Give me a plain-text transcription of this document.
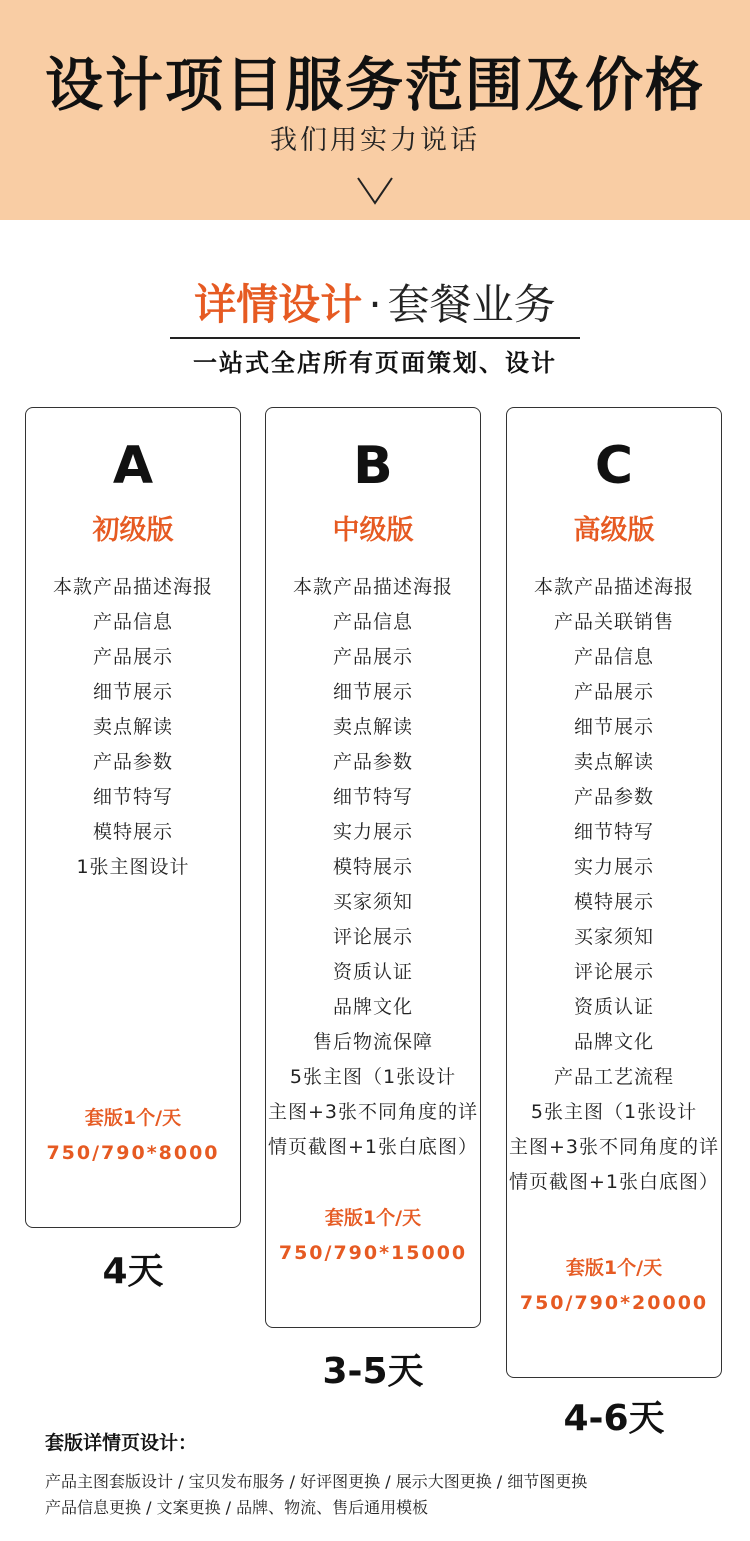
设计项目服务范围及价格
我们用实力说话
详情设计 · 套餐业务
一站式全店所有页面策划、设计
A
初级版
本款产品描述海报
产品信息
产品展示
细节展示
卖点解读
产品参数
细节特写
模特展示
1张主图设计
套版1个/天
750/790*8000
4天
B
中级版
本款产品描述海报
产品信息
产品展示
细节展示
卖点解读
产品参数
细节特写
实力展示
模特展示
买家须知
评论展示
资质认证
品牌文化
售后物流保障
5张主图（1张设计
主图+3张不同角度的详
情页截图+1张白底图）
套版1个/天
750/790*15000
3-5天
C
高级版
本款产品描述海报
产品关联销售
产品信息
产品展示
细节展示
卖点解读
产品参数
细节特写
实力展示
模特展示
买家须知
评论展示
资质认证
品牌文化
产品工艺流程
5张主图（1张设计
主图+3张不同角度的详
情页截图+1张白底图）
套版1个/天
750/790*20000
4-6天
套版详情页设计：
产品主图套版设计 / 宝贝发布服务 / 好评图更换 / 展示大图更换 / 细节图更换
产品信息更换 / 文案更换 / 品牌、物流、售后通用模板
